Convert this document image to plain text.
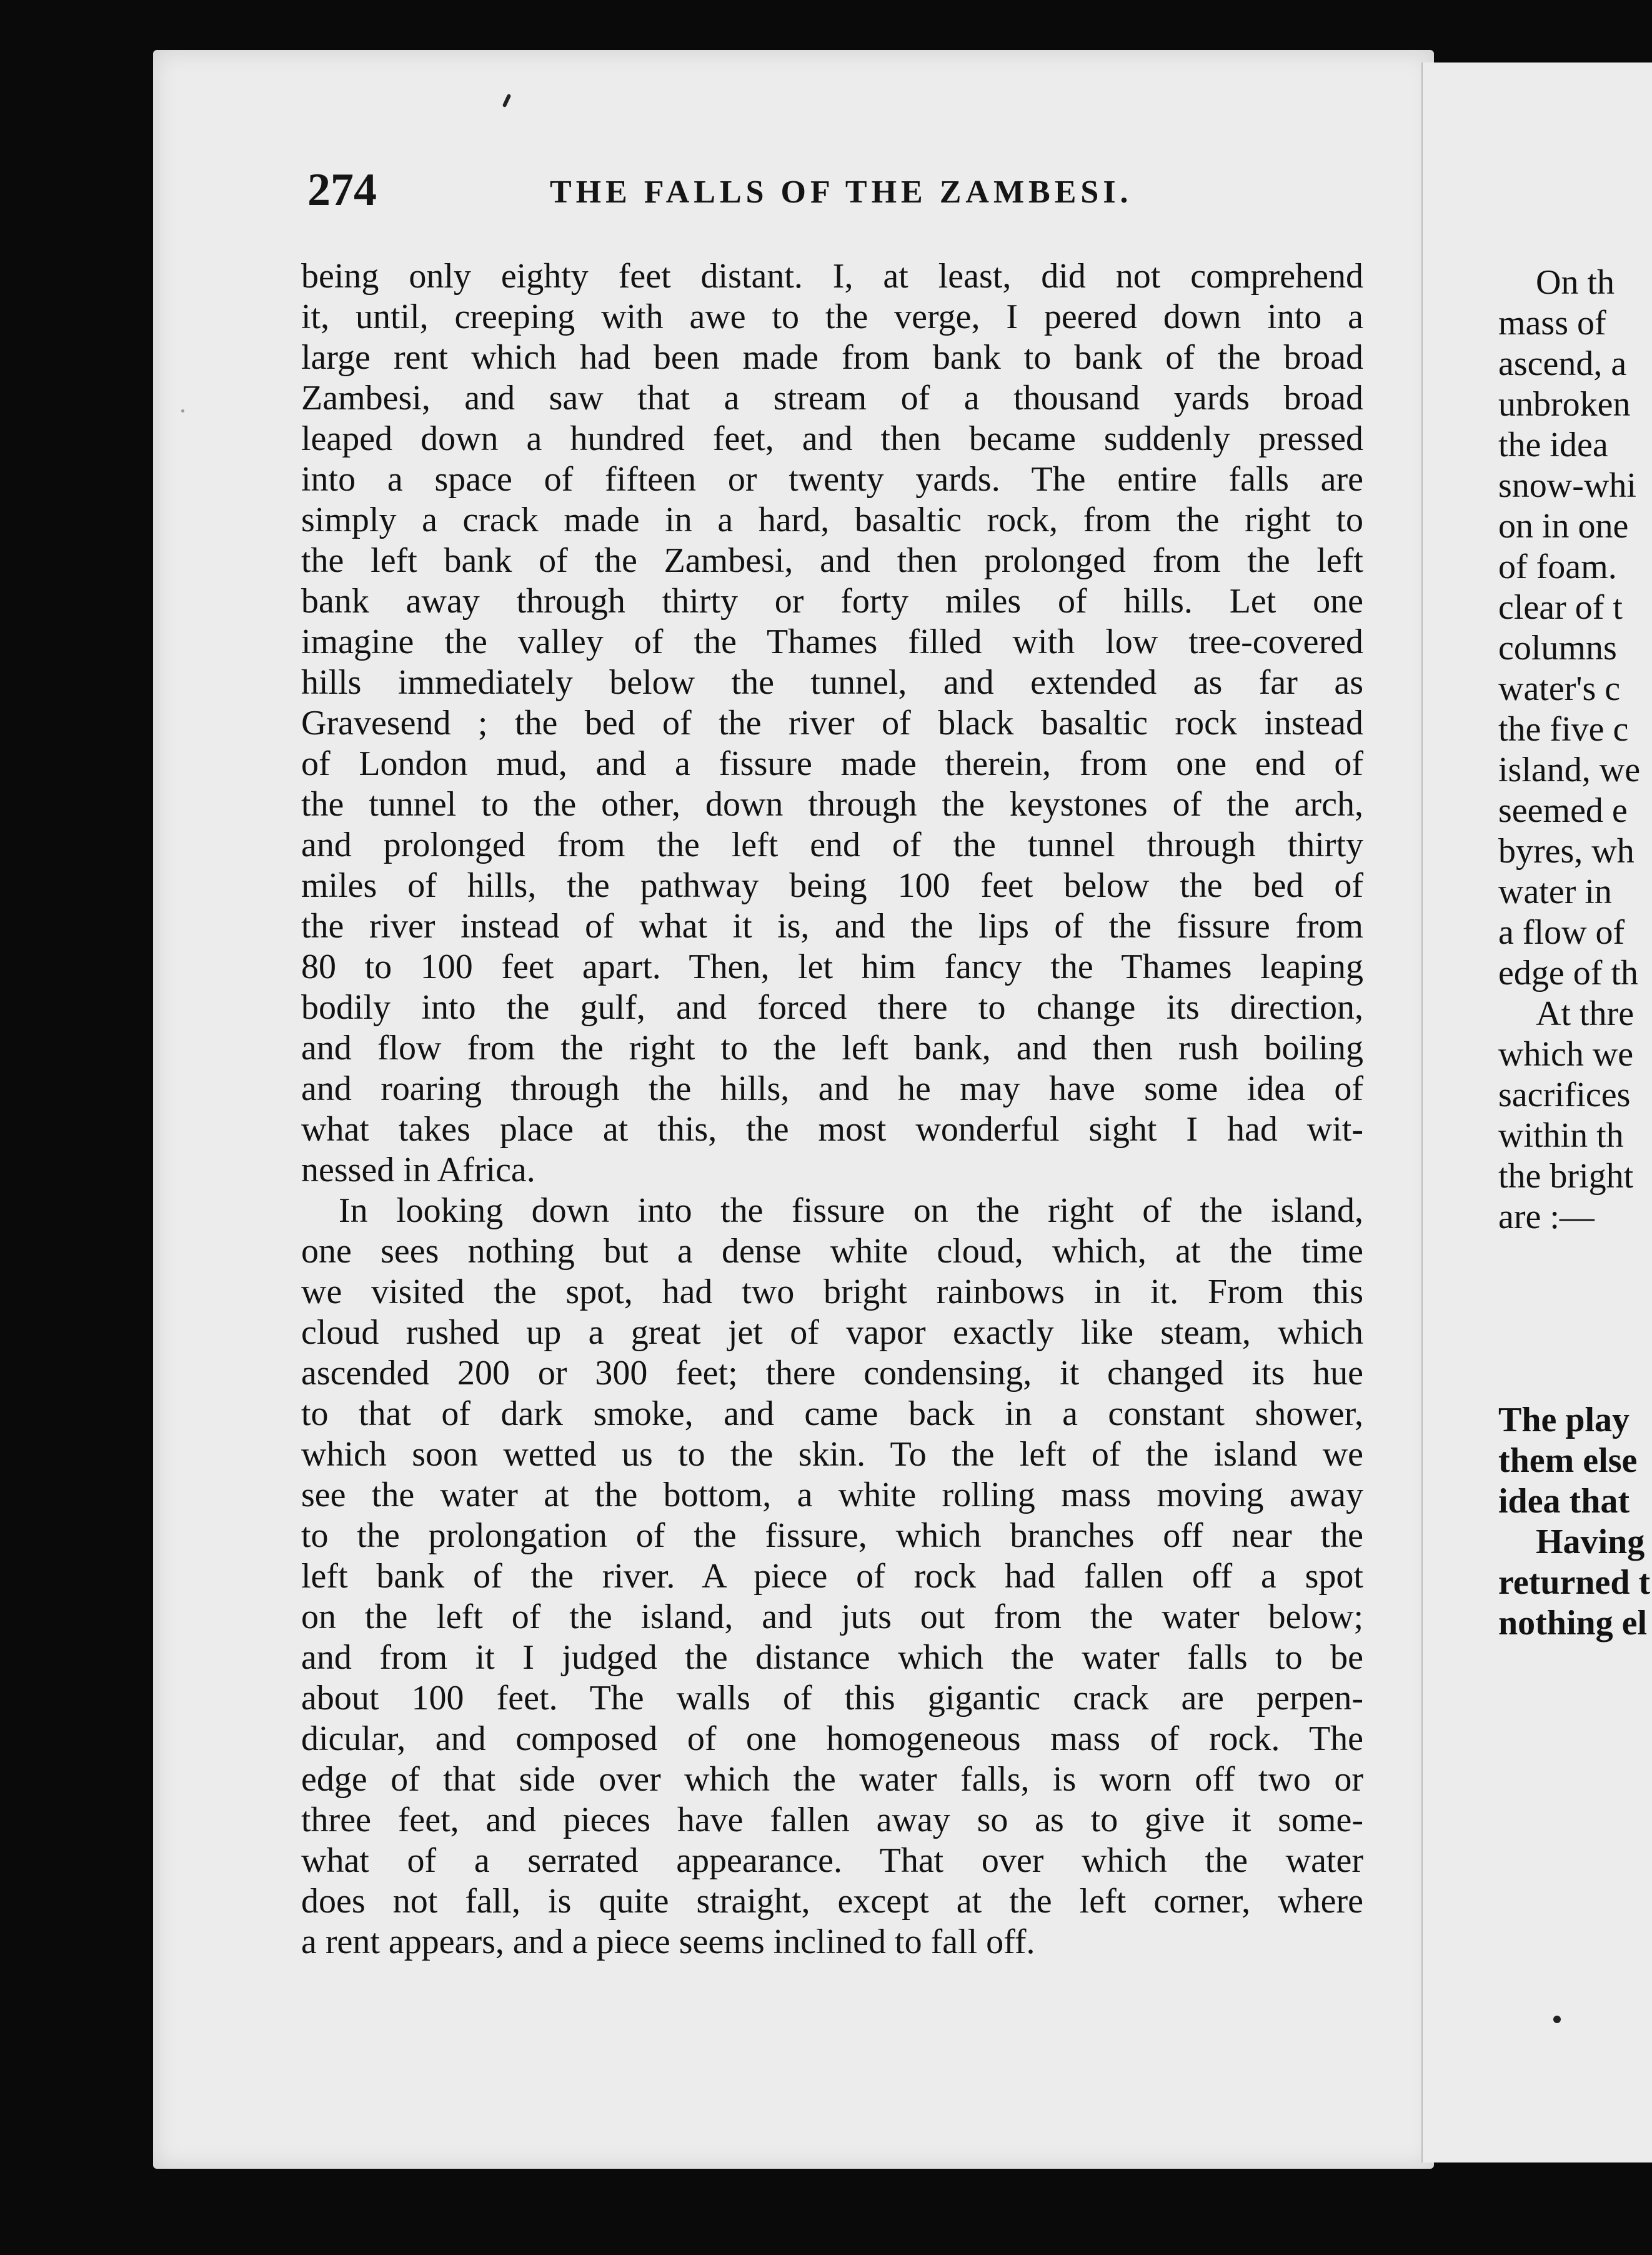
274	THE FALLS OF THE ZAMBESI.
being only eighty feet distant. I, at least, did not comprehend
it, until, creeping with awe to the verge, I peered down into a
large rent which had been made from bank to bank of the broad
Zambesi, and saw that a stream of a thousand yards broad
leaped down a hundred feet, and then became suddenly pressed
into a space of fifteen or twenty yards. The entire falls are
simply a crack made in a hard, basaltic rock, from the right to
the left bank of the Zambesi, and then prolonged from the left
bank away through thirty or forty miles of hills. Let one
imagine the valley of the Thames filled with low tree-covered
hills immediately below the tunnel, and extended as far as
Gravesend ; the bed of the river of black basaltic rock instead
of London mud, and a fissure made therein, from one end of
the tunnel to the other, down through the keystones of the arch,
and prolonged from the left end of the tunnel through thirty
miles of hills, the pathway being 100 feet below the bed of
the river instead of what it is, and the lips of the fissure from
80 to 100 feet apart. Then, let him fancy the Thames leaping
bodily into the gulf, and forced there to change its direction,
and flow from the right to the left bank, and then rush boiling
and roaring through the hills, and he may have some idea of
what takes place at this, the most wonderful sight I had wit-
nessed in Africa.
In looking down into the fissure on the right of the island,
one sees nothing but a dense white cloud, which, at the time
we visited the spot, had two bright rainbows in it. From this
cloud rushed up a great jet of vapor exactly like steam, which
ascended 200 or 300 feet; there condensing, it changed its hue
to that of dark smoke, and came back in a constant shower,
which soon wetted us to the skin. To the left of the island we
see the water at the bottom, a white rolling mass moving away
to the prolongation of the fissure, which branches off near the
left bank of the river. A piece of rock had fallen off a spot
on the left of the island, and juts out from the water below;
and from it I judged the distance which the water falls to be
about 100 feet. The walls of this gigantic crack are perpen-
dicular, and composed of one homogeneous mass of rock. The
edge of that side over which the water falls, is worn off two or
three feet, and pieces have fallen away so as to give it some-
what of a serrated appearance. That over which the water
does not fall, is quite straight, except at the left corner, where
a rent appears, and a piece seems inclined to fall off.
On th
mass of
ascend, a
unbroken
the idea
snow-whi
on in one
of foam.
clear of t
columns
water's c
the five c
island, we
seemed e
byres, wh
water in
a flow of
edge of th
At thre
which we
sacrifices
within th
the bright
are :—
The play
them else
idea that
Having
returned t
nothing el
